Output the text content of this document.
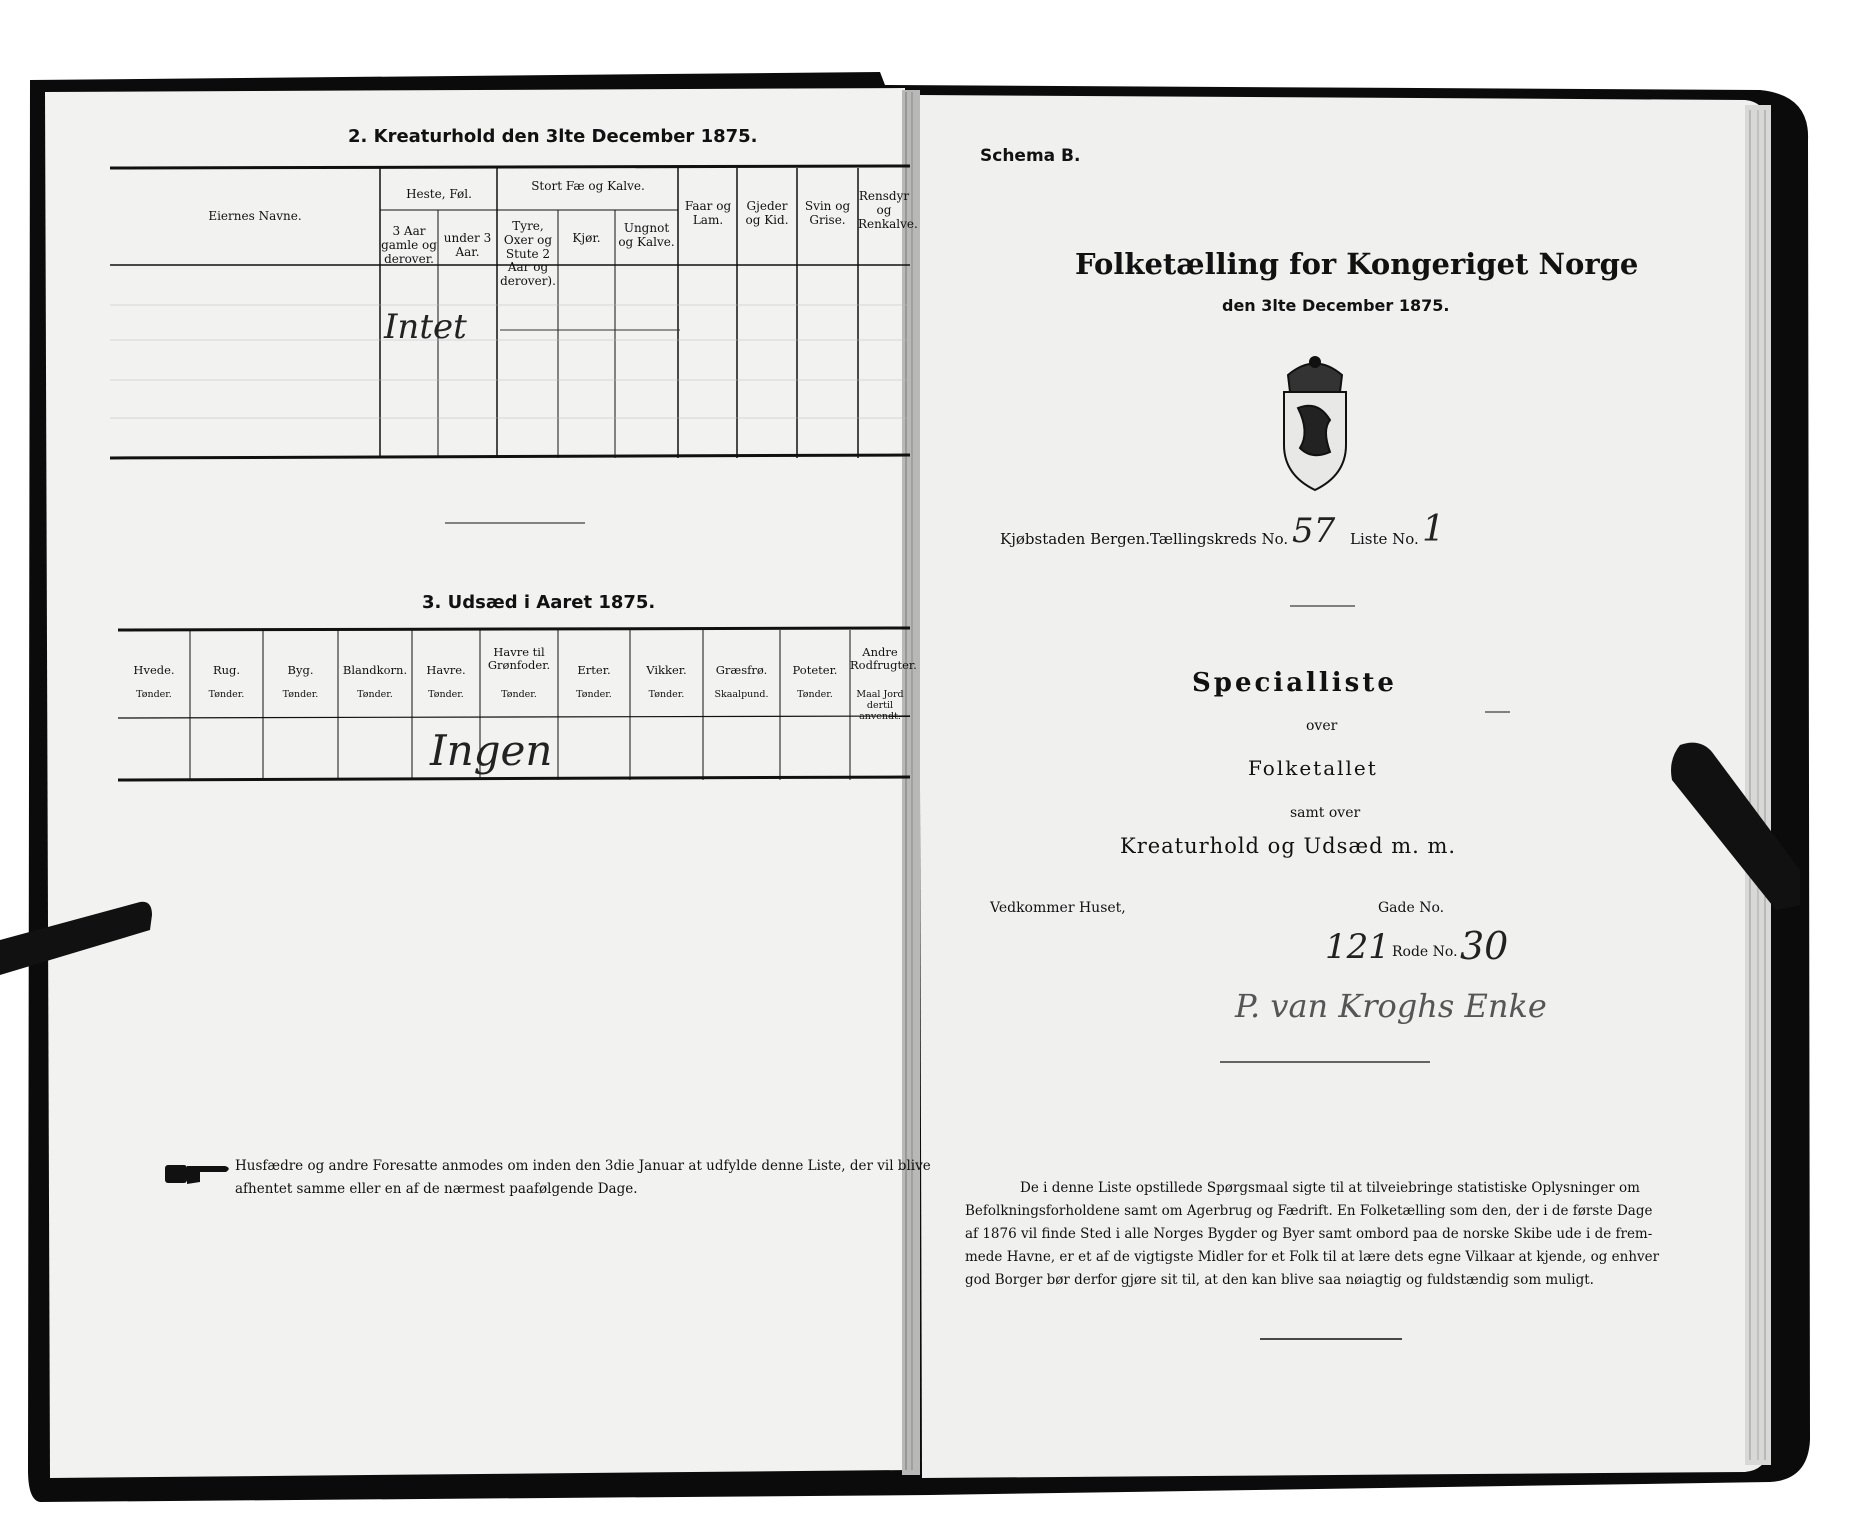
2. Kreaturhold den 3lte December 1875.
Eiernes Navne.
Heste, Føl.
3 Aar gamle og derover.
under 3 Aar.
Stort Fæ og Kalve.
Tyre, Oxer og Stute 2 Aar og derover).
Kjør.
Ungnot og Kalve.
Faar og Lam.
Gjeder og Kid.
Svin og Grise.
Rensdyr og Renkalve.
Intet
3. Udsæd i Aaret 1875.
Hvede.
Tønder.
Rug.
Tønder.
Byg.
Tønder.
Blandkorn.
Tønder.
Havre.
Tønder.
Havre til Grønfoder.
Tønder.
Erter.
Tønder.
Vikker.
Tønder.
Græsfrø.
Skaalpund.
Poteter.
Tønder.
Andre Rodfrugter.
Maal Jord dertil anvendt.
Ingen
Husfædre og andre Foresatte anmodes om inden den 3die Januar at udfylde denne Liste, der vil blive
afhentet samme eller en af de nærmest paafølgende Dage.
Schema B.
Folketælling for Kongeriget Norge
den 3lte December 1875.
Kjøbstaden Bergen. Tællingskreds No. 57 Liste No. 1
Specialliste
over
Folketallet
samt over
Kreaturhold og Udsæd m. m.
Vedkommer Huset,	Gade No.
121 Rode No. 30
P. van Kroghs Enke
De i denne Liste opstillede Spørgsmaal sigte til at tilveiebringe statistiske Oplysninger om
Befolkningsforholdene samt om Agerbrug og Fædrift. En Folketælling som den, der i de første Dage
af 1876 vil finde Sted i alle Norges Bygder og Byer samt ombord paa de norske Skibe ude i de frem-
mede Havne, er et af de vigtigste Midler for et Folk til at lære dets egne Vilkaar at kjende, og enhver
god Borger bør derfor gjøre sit til, at den kan blive saa nøiagtig og fuldstændig som muligt.
